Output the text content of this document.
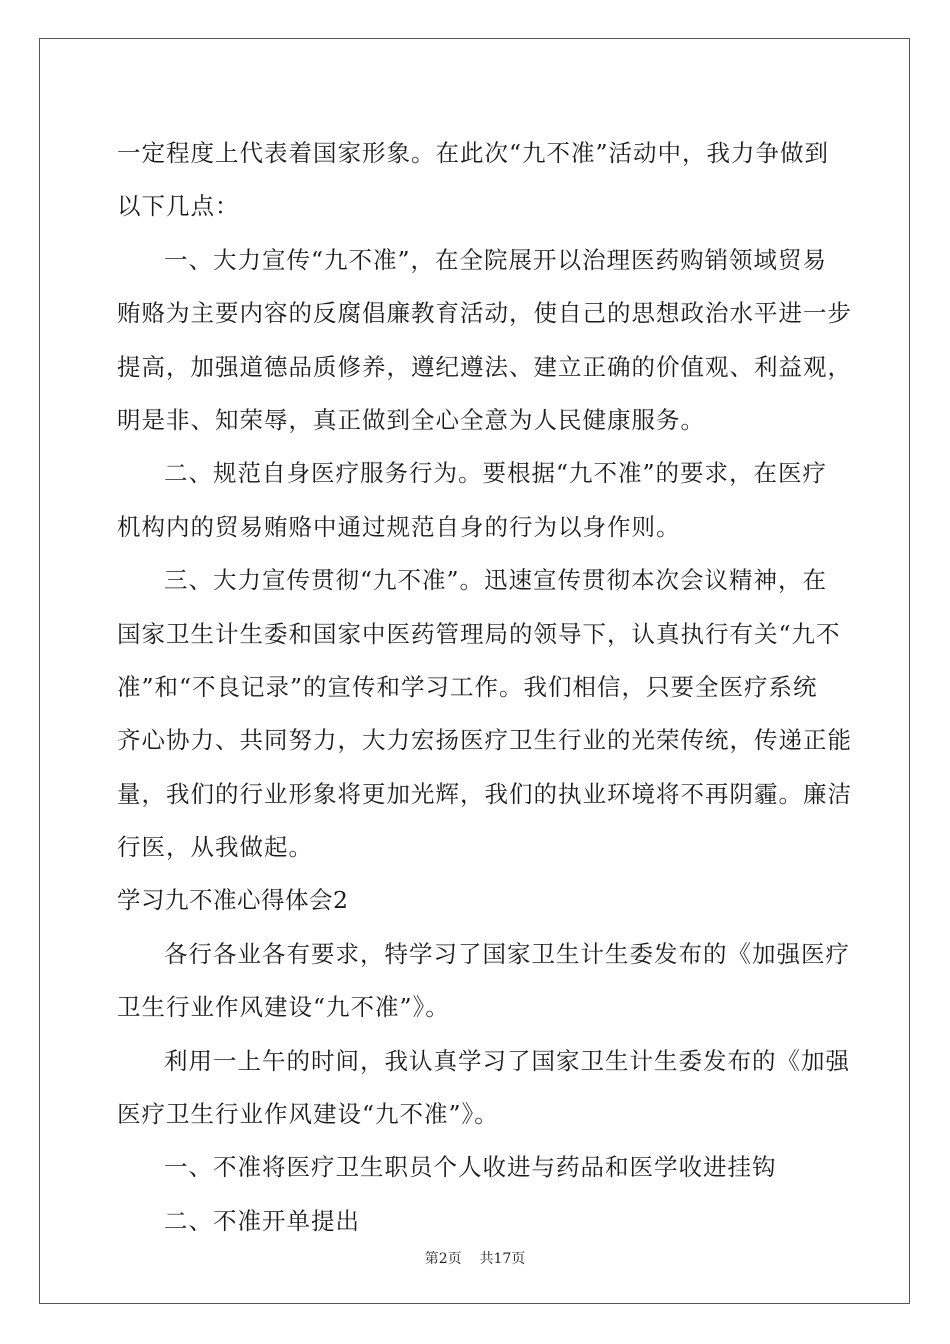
一定程度上代表着国家形象。在此次“九不准”活动中，我力争做到
以下几点：
一、大力宣传“九不准”，在全院展开以治理医药购销领域贸易
贿赂为主要内容的反腐倡廉教育活动，使自己的思想政治水平进一步
提高，加强道德品质修养，遵纪遵法、建立正确的价值观、利益观，
明是非、知荣辱，真正做到全心全意为人民健康服务。
二、规范自身医疗服务行为。要根据“九不准”的要求，在医疗
机构内的贸易贿赂中通过规范自身的行为以身作则。
三、大力宣传贯彻“九不准”。迅速宣传贯彻本次会议精神，在
国家卫生计生委和国家中医药管理局的领导下，认真执行有关“九不
准”和“不良记录”的宣传和学习工作。我们相信，只要全医疗系统
齐心协力、共同努力，大力宏扬医疗卫生行业的光荣传统，传递正能
量，我们的行业形象将更加光辉，我们的执业环境将不再阴霾。廉洁
行医，从我做起。
学习九不准心得体会2
各行各业各有要求，特学习了国家卫生计生委发布的《加强医疗
卫生行业作风建设“九不准”》。
利用一上午的时间，我认真学习了国家卫生计生委发布的《加强
医疗卫生行业作风建设“九不准”》。
一、不准将医疗卫生职员个人收进与药品和医学收进挂钩
二、不准开单提出
第2页 共17页
